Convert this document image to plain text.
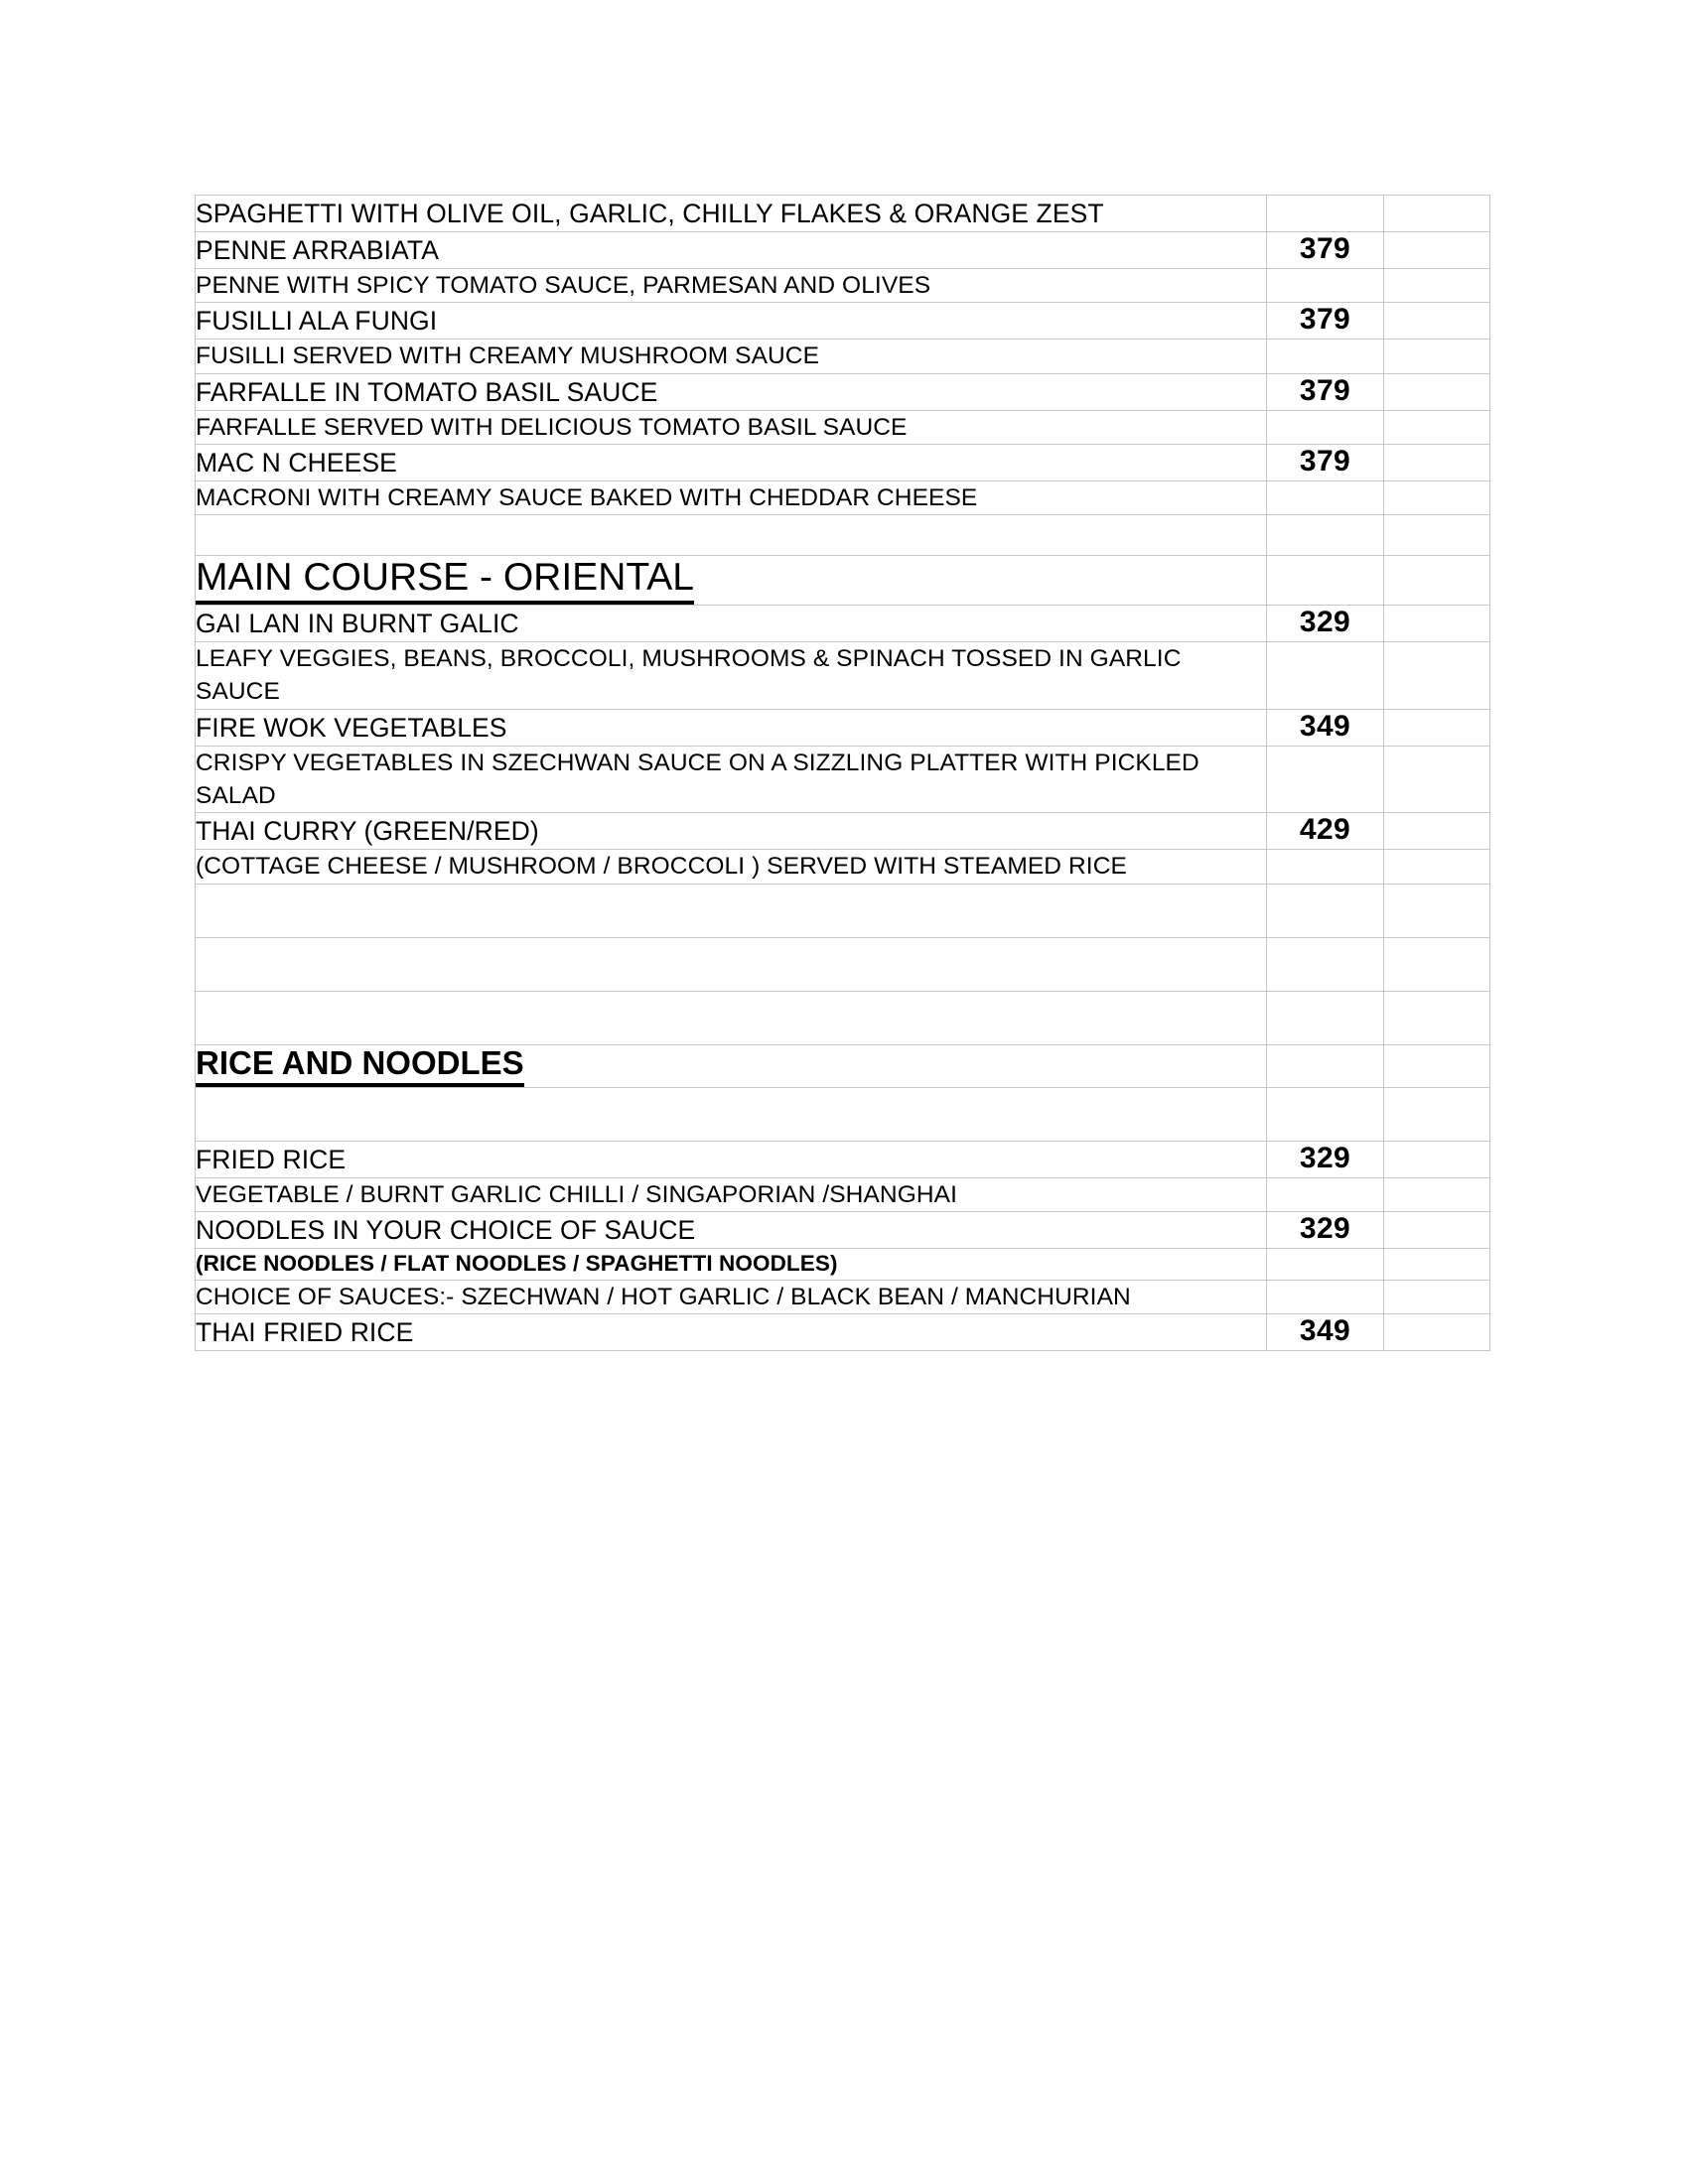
SPAGHETTI WITH OLIVE OIL, GARLIC, CHILLY FLAKES & ORANGE ZEST		
PENNE ARRABIATA	379	
PENNE WITH SPICY TOMATO SAUCE, PARMESAN AND OLIVES		
FUSILLI ALA FUNGI	379	
FUSILLI SERVED WITH CREAMY MUSHROOM SAUCE		
FARFALLE IN TOMATO BASIL SAUCE	379	
FARFALLE SERVED WITH DELICIOUS TOMATO BASIL SAUCE		
MAC N CHEESE	379	
MACRONI WITH CREAMY SAUCE BAKED WITH CHEDDAR CHEESE		

MAIN COURSE - ORIENTAL		
GAI LAN IN BURNT GALIC	329	
LEAFY VEGGIES, BEANS, BROCCOLI, MUSHROOMS & SPINACH TOSSED IN GARLIC SAUCE		
FIRE WOK VEGETABLES	349	
CRISPY VEGETABLES IN SZECHWAN SAUCE ON A SIZZLING PLATTER WITH PICKLED SALAD		
THAI CURRY (GREEN/RED)	429	
(COTTAGE CHEESE / MUSHROOM / BROCCOLI ) SERVED WITH STEAMED RICE		

RICE AND NOODLES		

FRIED RICE	329	
VEGETABLE / BURNT GARLIC CHILLI / SINGAPORIAN /SHANGHAI		
NOODLES IN YOUR CHOICE OF SAUCE	329	
(RICE NOODLES / FLAT NOODLES / SPAGHETTI NOODLES)		
CHOICE OF SAUCES:- SZECHWAN / HOT GARLIC / BLACK BEAN / MANCHURIAN		
THAI FRIED RICE	349	
